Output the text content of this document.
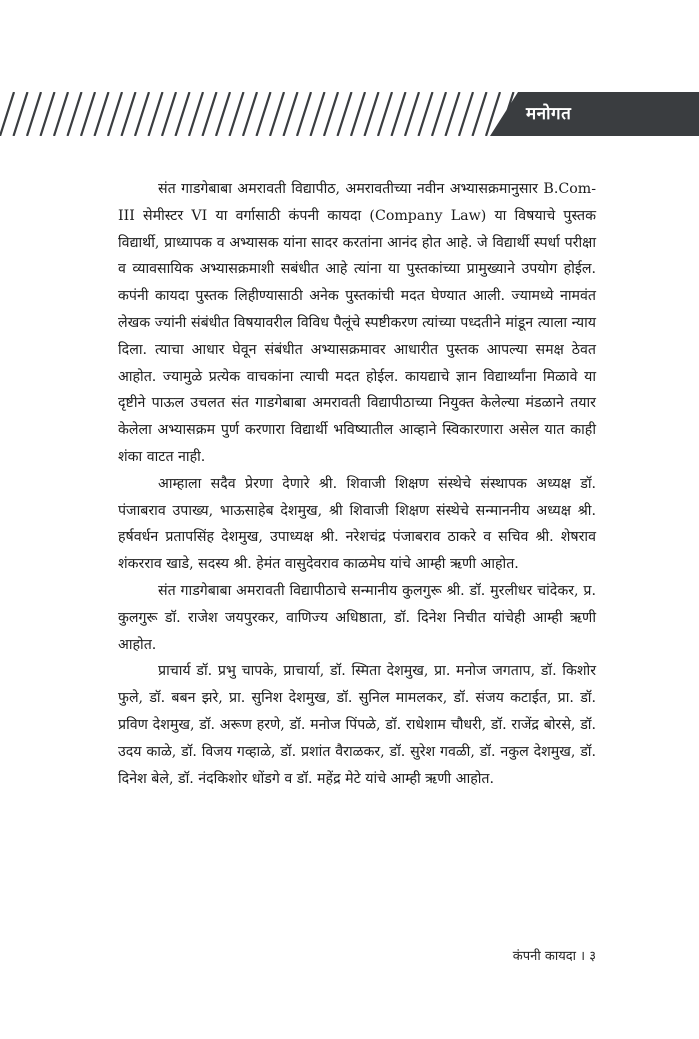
मनोगत

संत गाडगेबाबा अमरावती विद्यापीठ, अमरावतीच्या नवीन अभ्यासक्रमानुसार B.Com-III सेमीस्टर VI या वर्गासाठी कंपनी कायदा (Company Law) या विषयाचे पुस्तक विद्यार्थी, प्राध्यापक व अभ्यासक यांना सादर करतांना आनंद होत आहे. जे विद्यार्थी स्पर्धा परीक्षा व व्यावसायिक अभ्यासक्रमाशी सबंधीत आहे त्यांना या पुस्तकांच्या प्रामुख्याने उपयोग होईल. कपंनी कायदा पुस्तक लिहीण्यासाठी अनेक पुस्तकांची मदत घेण्यात आली. ज्यामध्ये नामवंत लेखक ज्यांनी संबंधीत विषयावरील विविध पैलूंचे स्पष्टीकरण त्यांच्या पध्दतीने मांडून त्याला न्याय दिला. त्याचा आधार घेवून संबंधीत अभ्यासक्रमावर आधारीत पुस्तक आपल्या समक्ष ठेवत आहोत. ज्यामुळे प्रत्येक वाचकांना त्याची मदत होईल. कायद्याचे ज्ञान विद्यार्थ्यांना मिळावे या दृष्टीने पाऊल उचलत संत गाडगेबाबा अमरावती विद्यापीठाच्या नियुक्त केलेल्या मंडळाने तयार केलेला अभ्यासक्रम पुर्ण करणारा विद्यार्थी भविष्यातील आव्हाने स्विकारणारा असेल यात काही शंका वाटत नाही.

आम्हाला सदैव प्रेरणा देणारे श्री. शिवाजी शिक्षण संस्थेचे संस्थापक अध्यक्ष डॉ. पंजाबराव उपाख्य, भाऊसाहेब देशमुख, श्री शिवाजी शिक्षण संस्थेचे सन्माननीय अध्यक्ष श्री. हर्षवर्धन प्रतापसिंह देशमुख, उपाध्यक्ष श्री. नरेशचंद्र पंजाबराव ठाकरे व सचिव श्री. शेषराव शंकरराव खाडे, सदस्य श्री. हेमंत वासुदेवराव काळमेघ यांचे आम्ही ऋणी आहोत.

संत गाडगेबाबा अमरावती विद्यापीठाचे सन्मानीय कुलगुरू श्री. डॉ. मुरलीधर चांदेकर, प्र. कुलगुरू डॉ. राजेश जयपुरकर, वाणिज्य अधिष्ठाता, डॉ. दिनेश निचीत यांचेही आम्ही ऋणी आहोत.

प्राचार्य डॉ. प्रभु चापके, प्राचार्या, डॉ. स्मिता देशमुख, प्रा. मनोज जगताप, डॉ. किशोर फुले, डॉ. बबन झरे, प्रा. सुनिश देशमुख, डॉ. सुनिल मामलकर, डॉ. संजय कटाईत, प्रा. डॉ. प्रविण देशमुख, डॉ. अरूण हरणे, डॉ. मनोज पिंपळे, डॉ. राधेशाम चौधरी, डॉ. राजेंद्र बोरसे, डॉ. उदय काळे, डॉ. विजय गव्हाळे, डॉ. प्रशांत वैराळकर, डॉ. सुरेश गवळी, डॉ. नकुल देशमुख, डॉ. दिनेश बेले, डॉ. नंदकिशोर धोंडगे व डॉ. महेंद्र मेटे यांचे आम्ही ऋणी आहोत.

कंपनी कायदा । ३
